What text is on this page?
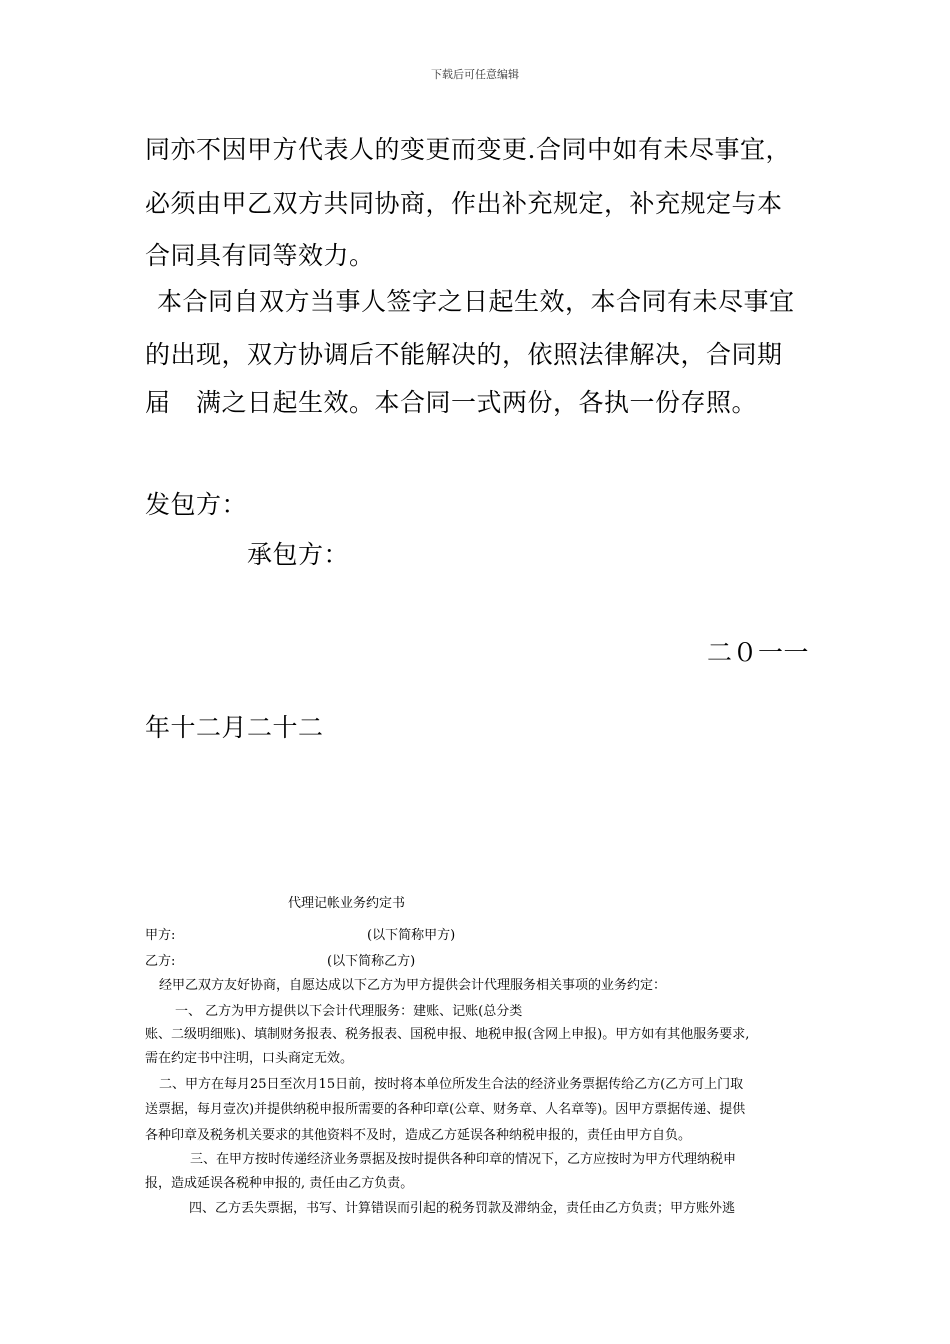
下载后可任意编辑
同亦不因甲方代表人的变更而变更.合同中如有未尽事宜，
必须由甲乙双方共同协商，作出补充规定，补充规定与本
合同具有同等效力。
本合同自双方当事人签字之日起生效，本合同有未尽事宜
的出现，双方协调后不能解决的，依照法律解决，合同期
届　满之日起生效。本合同一式两份，各执一份存照。
发包方：
承包方：
二０一一
年十二月二十二
代理记帐业务约定书
甲方:	(以下简称甲方)
乙方:	(以下简称乙方)
经甲乙双方友好协商，自愿达成以下乙方为甲方提供会计代理服务相关事项的业务约定：
一、 乙方为甲方提供以下会计代理服务：建账、记账(总分类
账、二级明细账)、填制财务报表、税务报表、国税申报、地税申报(含网上申报)。甲方如有其他服务要求,
需在约定书中注明，口头商定无效。
二、甲方在每月25日至次月15日前，按时将本单位所发生合法的经济业务票据传给乙方(乙方可上门取
送票据，每月壹次)并提供纳税申报所需要的各种印章(公章、财务章、人名章等)。因甲方票据传递、提供
各种印章及税务机关要求的其他资料不及时，造成乙方延误各种纳税申报的，责任由甲方自负。
三、在甲方按时传递经济业务票据及按时提供各种印章的情况下，乙方应按时为甲方代理纳税申
报，造成延误各税种申报的, 责任由乙方负责。
四、乙方丢失票据，书写、计算错误而引起的税务罚款及滞纳金，责任由乙方负责；甲方账外逃
